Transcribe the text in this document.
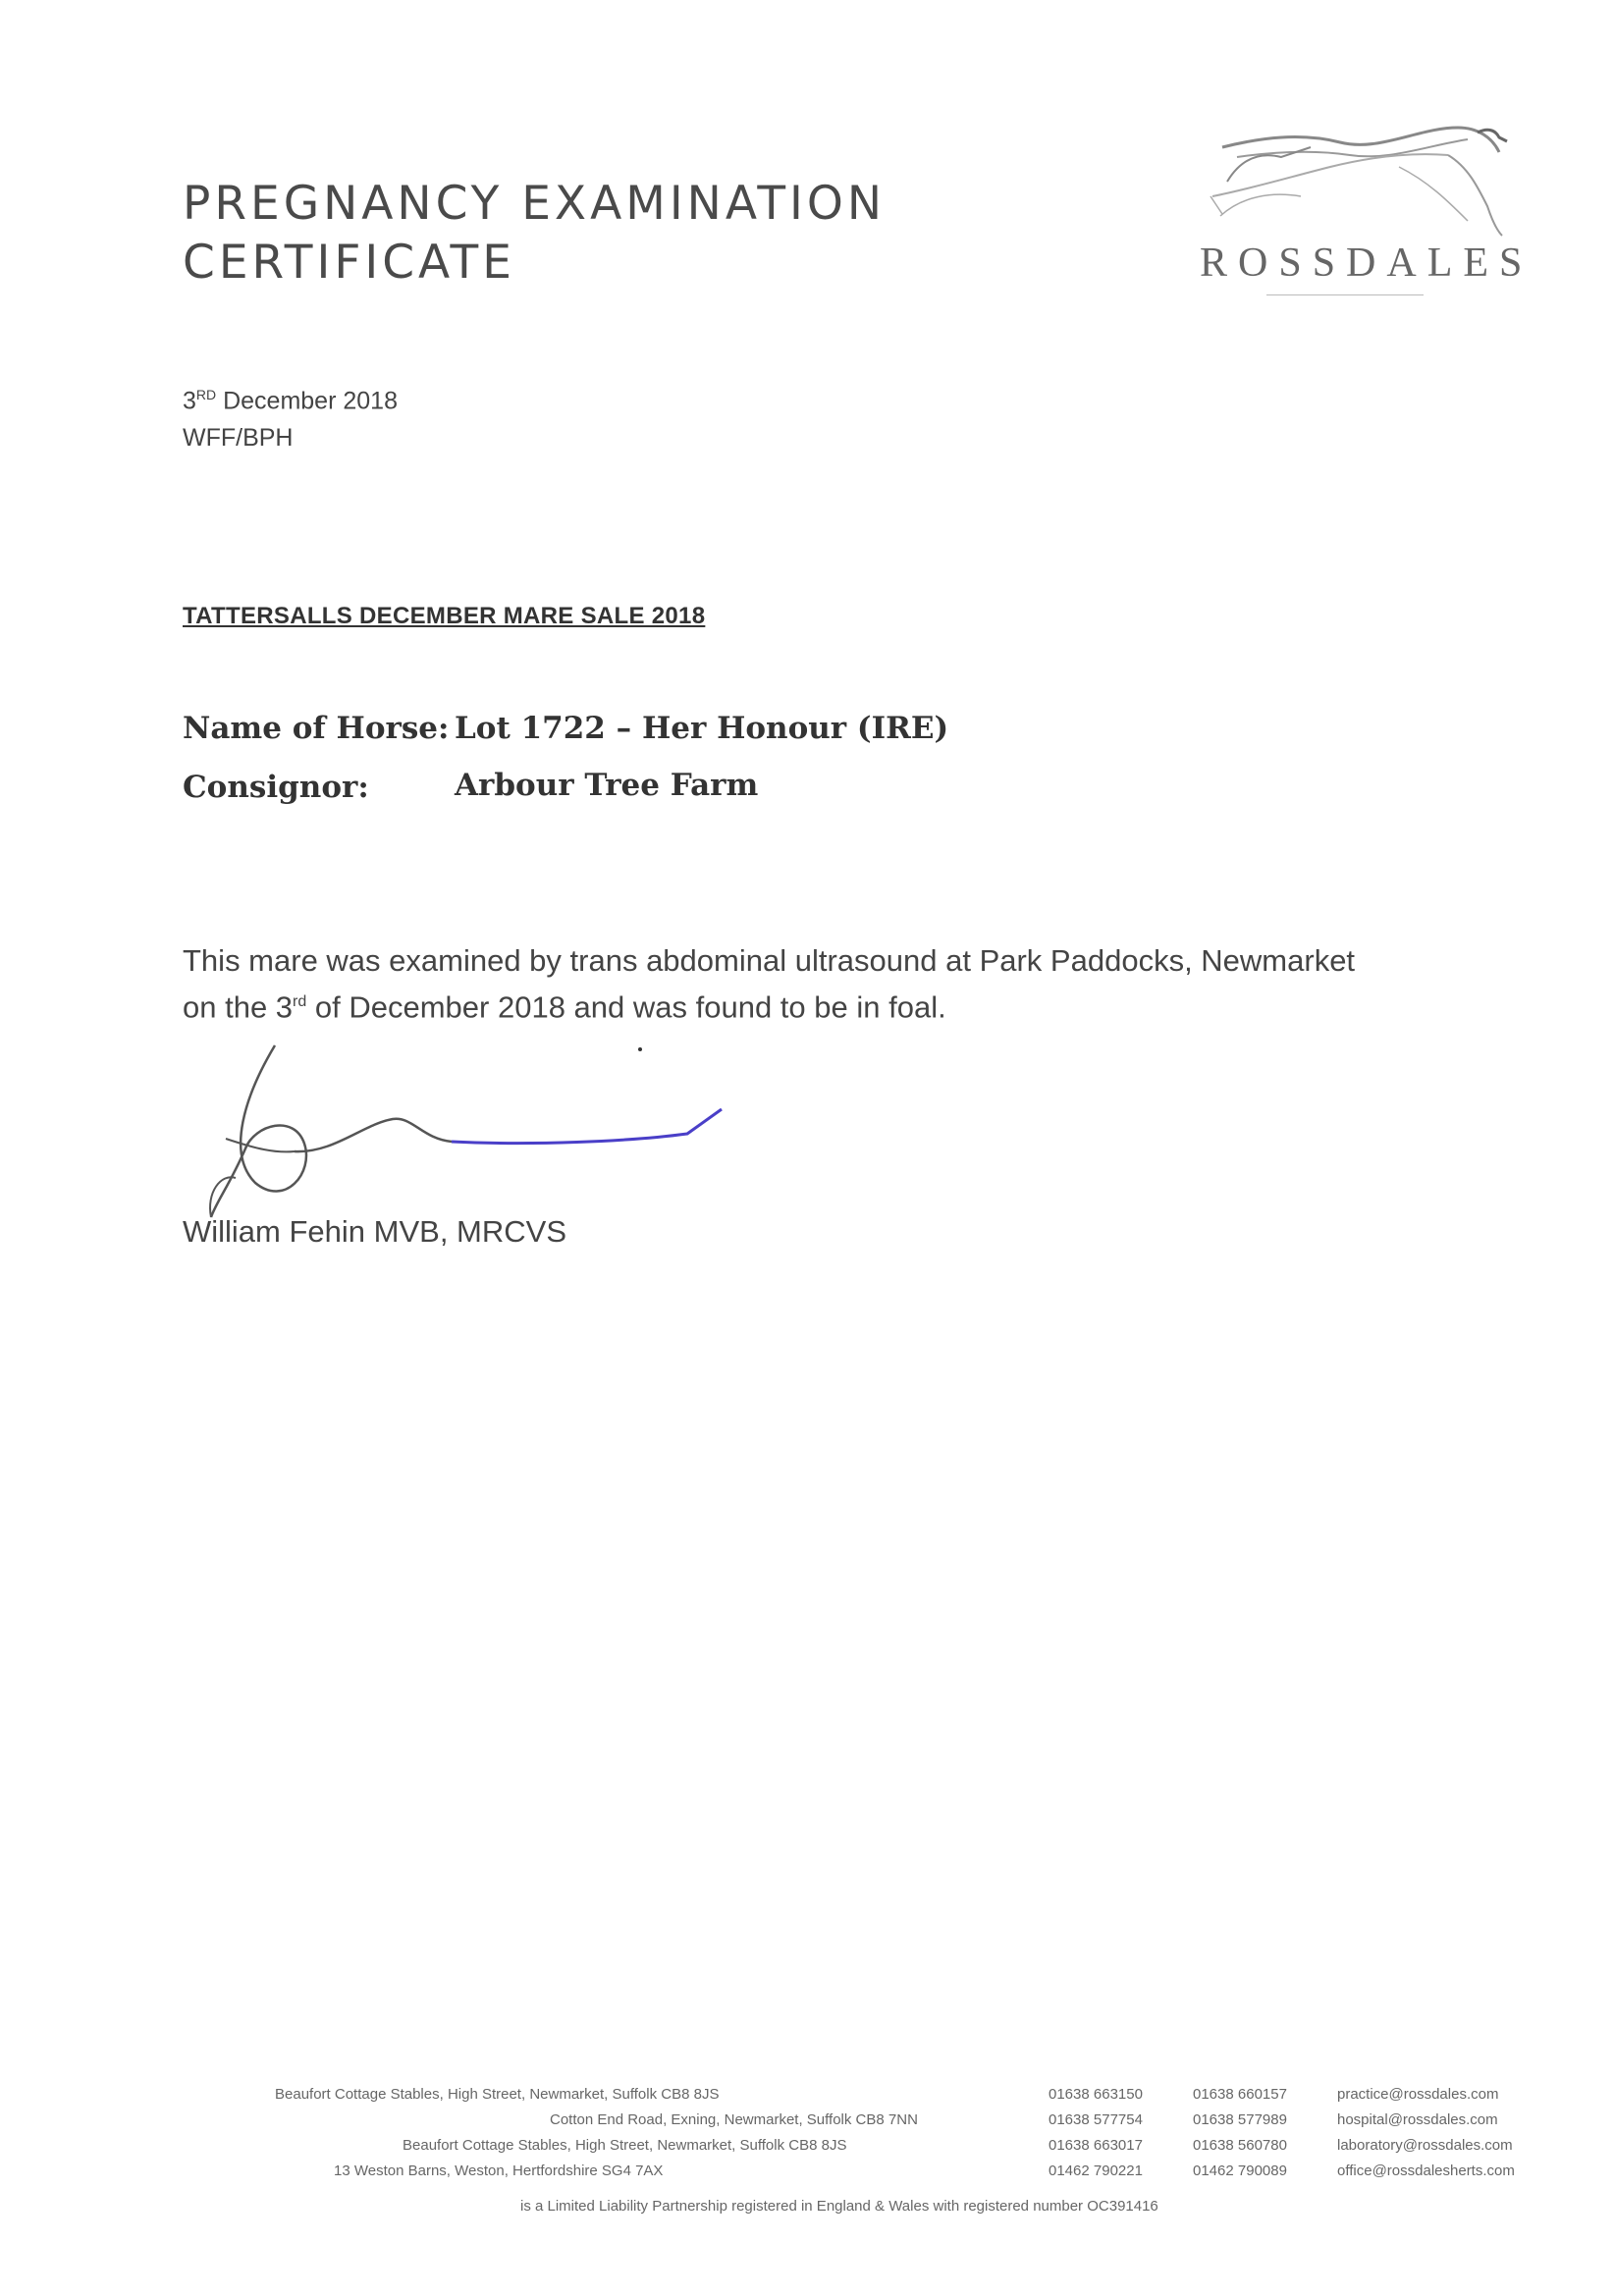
PREGNANCY EXAMINATION
CERTIFICATE	ROSSDALES
3RD December 2018
WFF/BPH
TATTERSALLS DECEMBER MARE SALE 2018
Name of Horse: Lot 1722 – Her Honour (IRE)
Consignor:	Arbour Tree Farm
This mare was examined by trans abdominal ultrasound at Park Paddocks, Newmarket
on the 3rd of December 2018 and was found to be in foal.
William Fehin MVB, MRCVS
Beaufort Cottage Stables, High Street, Newmarket, Suffolk CB8 8JS	01638 663150	01638 660157	practice@rossdales.com
Cotton End Road, Exning, Newmarket, Suffolk CB8 7NN	01638 577754	01638 577989	hospital@rossdales.com
Beaufort Cottage Stables, High Street, Newmarket, Suffolk CB8 8JS	01638 663017	01638 560780	laboratory@rossdales.com
13 Weston Barns, Weston, Hertfordshire SG4 7AX	01462 790221	01462 790089	office@rossdalesherts.com
is a Limited Liability Partnership registered in England & Wales with registered number OC391416
